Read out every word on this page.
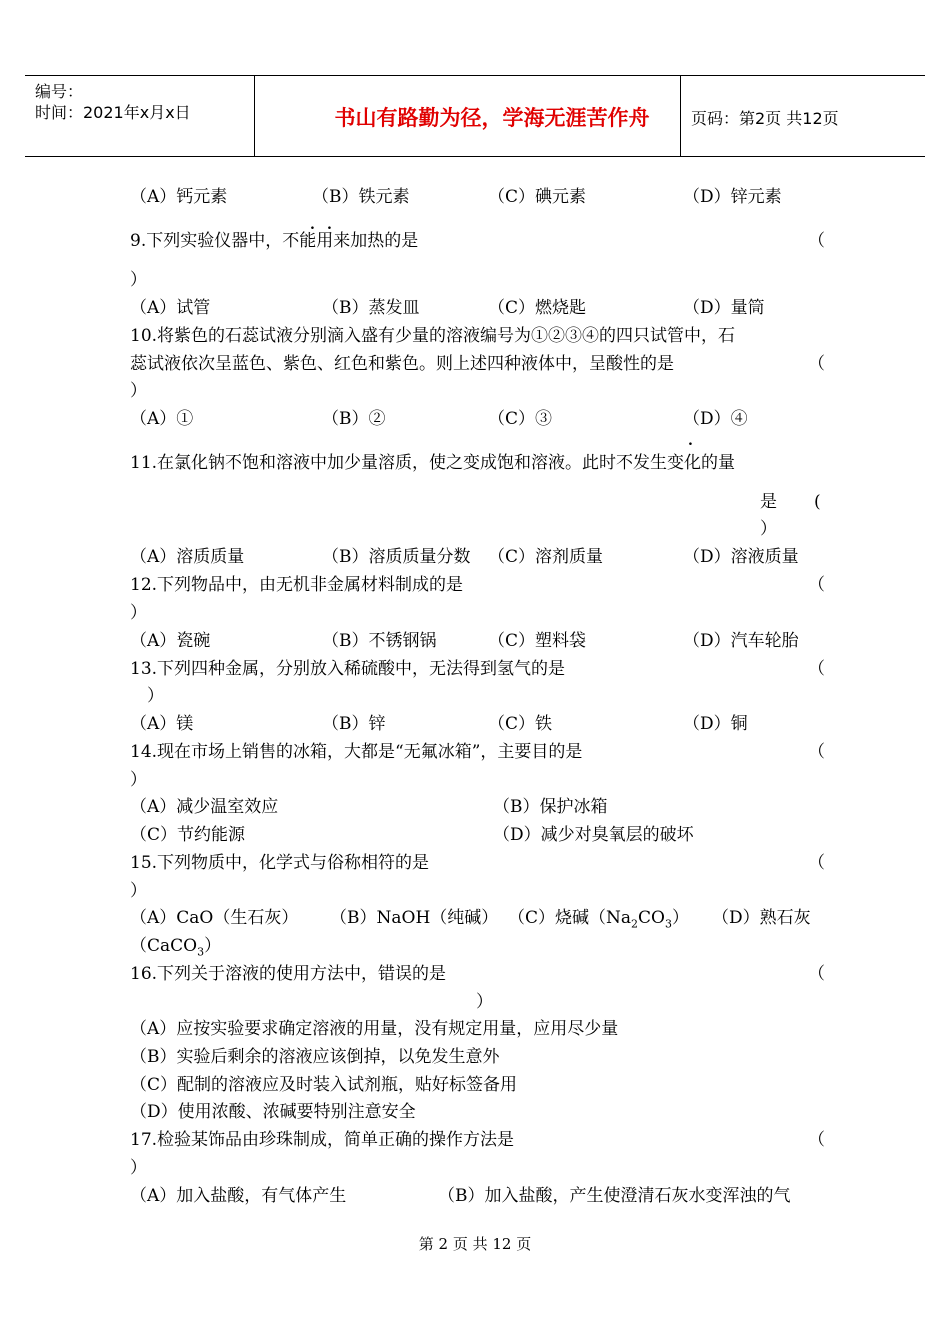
编号：
时间：2021年x月x日	书山有路勤为径，学海无涯苦作舟	页码：第2页 共12页
（A）钙元素	（B）铁元素	（C）碘元素	（D）锌元素
. .
9.下列实验仪器中，不能用来加热的是	（
）
（A）试管	（B）蒸发皿	（C）燃烧匙	（D）量筒
10.将紫色的石蕊试液分别滴入盛有少量的溶液编号为①②③④的四只试管中，石
蕊试液依次呈蓝色、紫色、红色和紫色。则上述四种液体中，呈酸性的是	（
）
（A）①	（B）②	（C）③	（D）④
.
11.在氯化钠不饱和溶液中加少量溶质，使之变成饱和溶液。此时不发生变化的量
是 (
）
（A）溶质质量	（B）溶质质量分数 （C）溶剂质量	（D）溶液质量
12.下列物品中，由无机非金属材料制成的是	（
）
（A）瓷碗	（B）不锈钢锅	（C）塑料袋	（D）汽车轮胎
13.下列四种金属，分别放入稀硫酸中，无法得到氢气的是	（
）
（A）镁	（B）锌	（C）铁	（D）铜
14.现在市场上销售的冰箱，大都是“无氟冰箱”，主要目的是	（
）
（A）减少温室效应	（B）保护冰箱
（C）节约能源	（D）减少对臭氧层的破坏
15.下列物质中，化学式与俗称相符的是	（
）
（A）CaO（生石灰） （B）NaOH（纯碱） （C）烧碱$(Na_2CO_3)$ （D）熟石灰
（CaCO$_3$）
16.下列关于溶液的使用方法中，错误的是	（
）
（A）应按实验要求确定溶液的用量，没有规定用量，应用尽少量
（B）实验后剩余的溶液应该倒掉，以免发生意外
（C）配制的溶液应及时装入试剂瓶，贴好标签备用
（D）使用浓酸、浓碱要特别注意安全
17.检验某饰品由珍珠制成，简单正确的操作方法是	（
）
（A）加入盐酸，有气体产生	（B）加入盐酸，产生使澄清石灰水变浑浊的气
第 2 页 共 12 页
